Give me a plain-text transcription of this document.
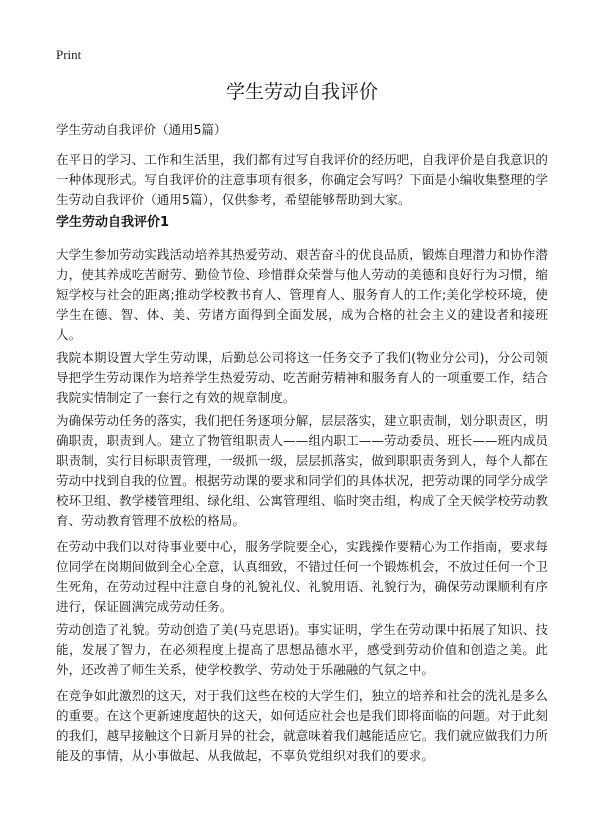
Print
学生劳动自我评价
学生劳动自我评价（通用5篇）

在平日的学习、工作和生活里，我们都有过写自我评价的经历吧，自我评价是自我意识的一种体现形式。写自我评价的注意事项有很多，你确定会写吗？下面是小编收集整理的学生劳动自我评价（通用5篇），仅供参考，希望能够帮助到大家。

学生劳动自我评价1

大学生参加劳动实践活动培养其热爱劳动、艰苦奋斗的优良品质，锻炼自理潜力和协作潜力，使其养成吃苦耐劳、勤俭节俭、珍惜群众荣誉与他人劳动的美德和良好行为习惯，缩短学校与社会的距离;推动学校教书育人、管理育人、服务育人的工作;美化学校环境，使学生在德、智、体、美、劳诸方面得到全面发展，成为合格的社会主义的建设者和接班人。

我院本期设置大学生劳动课，后勤总公司将这一任务交予了我们(物业分公司)，分公司领导把学生劳动课作为培养学生热爱劳动、吃苦耐劳精神和服务育人的一项重要工作，结合我院实情制定了一套行之有效的规章制度。

为确保劳动任务的落实，我们把任务逐项分解，层层落实，建立职责制，划分职责区，明确职责，职责到人。建立了物管组职责人——组内职工——劳动委员、班长——班内成员职责制，实行目标职责管理，一级抓一级，层层抓落实，做到职职责务到人，每个人都在劳动中找到自我的位置。根据劳动课的要求和同学们的具体状况，把劳动课的同学分成学校环卫组、教学楼管理组、绿化组、公寓管理组、临时突击组，构成了全天候学校劳动教育、劳动教育管理不放松的格局。

在劳动中我们以对待事业要中心，服务学院要全心，实践操作要精心为工作指南，要求每位同学在岗期间做到全心全意，认真细致，不错过任何一个锻炼机会，不放过任何一个卫生死角，在劳动过程中注意自身的礼貌礼仪、礼貌用语、礼貌行为，确保劳动课顺利有序进行，保证圆满完成劳动任务。

劳动创造了礼貌。劳动创造了美(马克思语)。事实证明，学生在劳动课中拓展了知识、技能，发展了智力，在必须程度上提高了思想品德水平，感受到劳动价值和创造之美。此外，还改善了师生关系，使学校教学、劳动处于乐融融的气氛之中。

在竞争如此激烈的这天，对于我们这些在校的大学生们，独立的培养和社会的洗礼是多么的重要。在这个更新速度超快的这天，如何适应社会也是我们即将面临的问题。对于此刻的我们，越早接触这个日新月异的社会，就意味着我们越能适应它。我们就应做我们力所能及的事情，从小事做起、从我做起，不辜负党组织对我们的要求。
